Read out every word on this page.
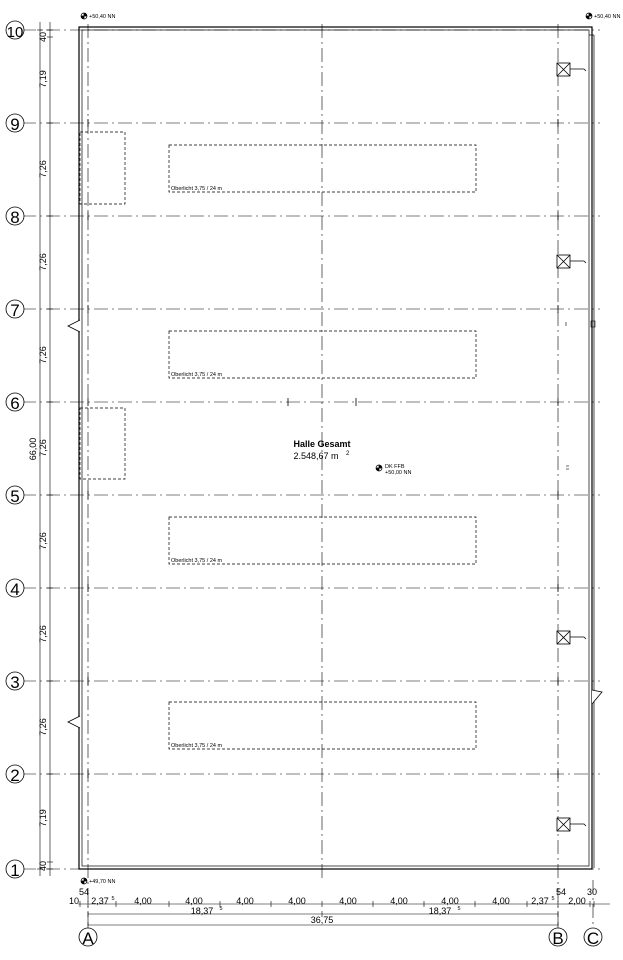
Oberlicht 3,75 / 24 m
Oberlicht 3,75 / 24 m
Oberlicht 3,75 / 24 m
Oberlicht 3,75 / 24 m
Halle Gesamt
2.548,67 m 2
+50,40 NN	+50,40 NN
+49,70 NN
DK FFB
+50,00 NN
40
7,19
7,26
7,26
7,26
7,26
7,26
7,26
7,26
7,19
40
66,00
1
2
3
4
5
6
7
8
9
10
54	54 30
10 2,37 5 4,00	4,00	4,00	4,00	4,00	4,00	4,00	4,00 2,37 5 2,00
18,37 5	18,37 5
36,75
A	B C
